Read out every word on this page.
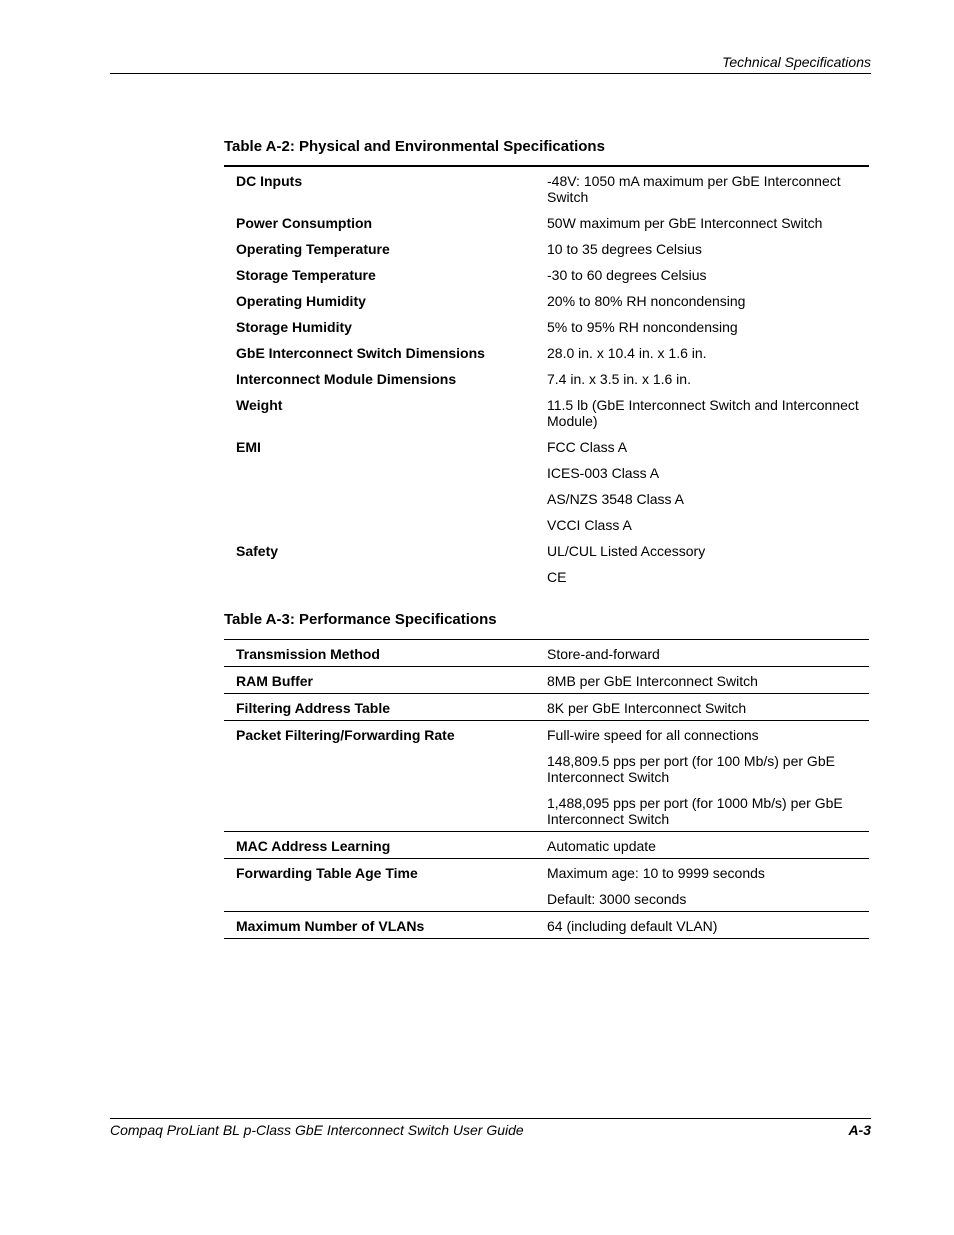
Technical Specifications
Table A-2: Physical and Environmental Specifications
DC Inputs	-48V: 1050 mA maximum per GbE Interconnect Switch
Power Consumption	50W maximum per GbE Interconnect Switch
Operating Temperature	10 to 35 degrees Celsius
Storage Temperature	-30 to 60 degrees Celsius
Operating Humidity	20% to 80% RH noncondensing
Storage Humidity	5% to 95% RH noncondensing
GbE Interconnect Switch Dimensions	28.0 in. x 10.4 in. x 1.6 in.
Interconnect Module Dimensions	7.4 in. x 3.5 in. x 1.6 in.
Weight	11.5 lb (GbE Interconnect Switch and Interconnect Module)
EMI	FCC Class A
ICES-003 Class A
AS/NZS 3548 Class A
VCCI Class A
Safety	UL/CUL Listed Accessory
CE
Table A-3: Performance Specifications
Transmission Method	Store-and-forward
RAM Buffer	8MB per GbE Interconnect Switch
Filtering Address Table	8K per GbE Interconnect Switch
Packet Filtering/Forwarding Rate	Full-wire speed for all connections
148,809.5 pps per port (for 100 Mb/s) per GbE Interconnect Switch
1,488,095 pps per port (for 1000 Mb/s) per GbE Interconnect Switch
MAC Address Learning	Automatic update
Forwarding Table Age Time	Maximum age: 10 to 9999 seconds
Default: 3000 seconds
Maximum Number of VLANs	64 (including default VLAN)
Compaq ProLiant BL p-Class GbE Interconnect Switch User Guide	A-3
